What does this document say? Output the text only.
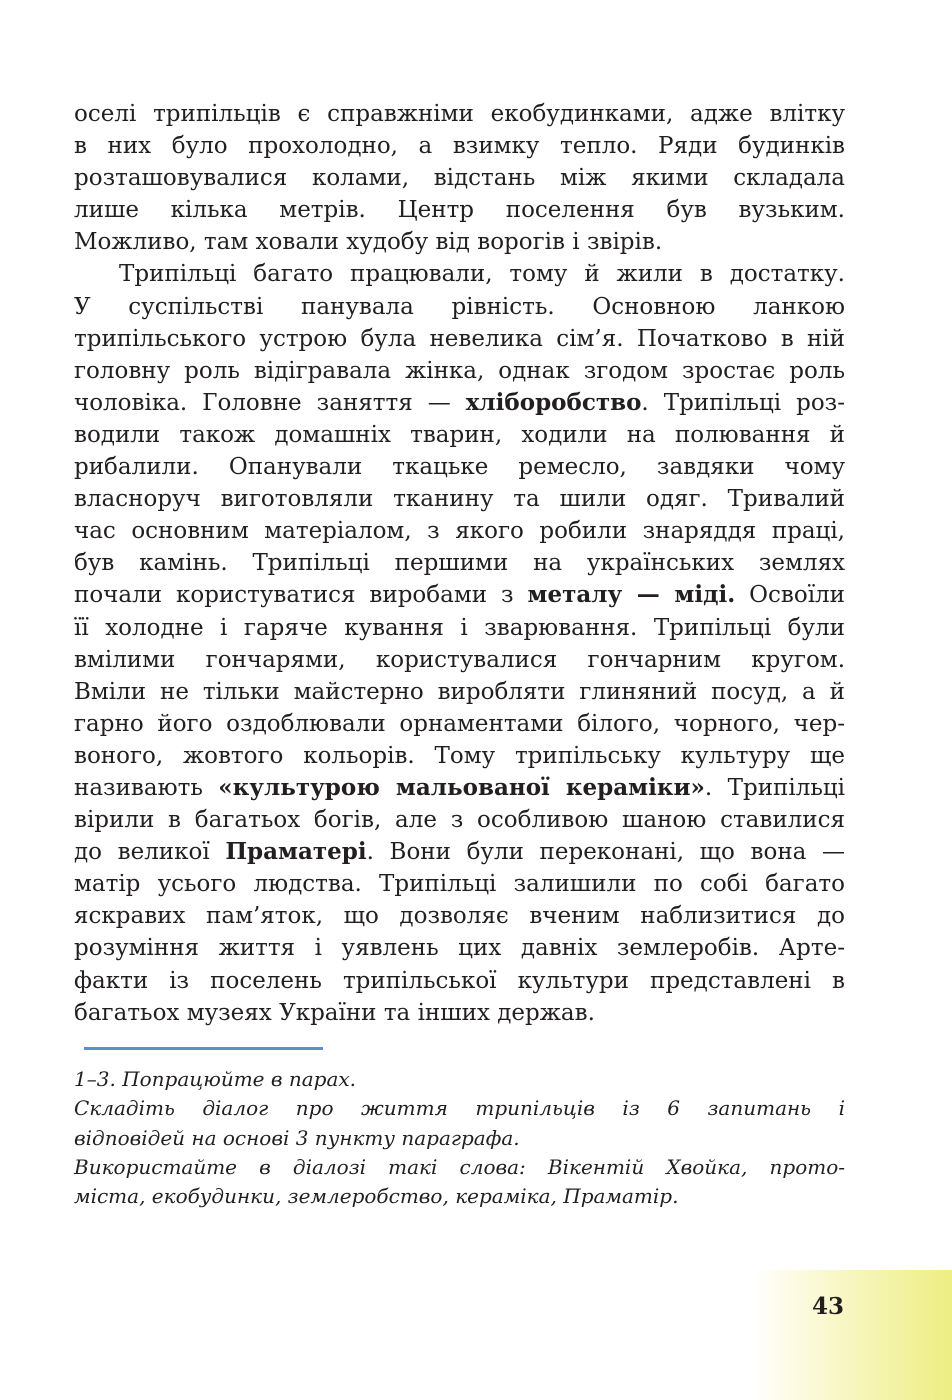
оселі трипільців є справжніми екобудинками, адже влітку
в них було прохолодно, а взимку тепло. Ряди будинків
розташовувалися колами, відстань між якими складала
лише кілька метрів. Центр поселення був вузьким.
Можливо, там ховали худобу від ворогів і звірів.
Трипільці багато працювали, тому й жили в достатку.
У суспільстві панувала рівність. Основною ланкою
трипільського устрою була невелика сім’я. Початково в ній
головну роль відігравала жінка, однак згодом зростає роль
чоловіка. Головне заняття — хліборобство. Трипільці роз-
водили також домашніх тварин, ходили на полювання й
рибалили. Опанували ткацьке ремесло, завдяки чому
власноруч виготовляли тканину та шили одяг. Тривалий
час основним матеріалом, з якого робили знаряддя праці,
був камінь. Трипільці першими на українських землях
почали користуватися виробами з металу — міді. Освоїли
її холодне і гаряче кування і зварювання. Трипільці були
вмілими гончарями, користувалися гончарним кругом.
Вміли не тільки майстерно виробляти глиняний посуд, а й
гарно його оздоблювали орнаментами білого, чорного, чер-
воного, жовтого кольорів. Тому трипільську культуру ще
називають «культурою мальованої кераміки». Трипільці
вірили в багатьох богів, але з особливою шаною ставилися
до великої Праматері. Вони були переконані, що вона —
матір усього людства. Трипільці залишили по собі багато
яскравих пам’яток, що дозволяє вченим наблизитися до
розуміння життя і уявлень цих давніх землеробів. Арте-
факти із поселень трипільської культури представлені в
багатьох музеях України та інших держав.
1–3. Попрацюйте в парах.
Складіть діалог про життя трипільців із 6 запитань і
відповідей на основі 3 пункту параграфа.
Використайте в діалозі такі слова: Вікентій Хвойка, прото-
міста, екобудинки, землеробство, кераміка, Праматір.
43
